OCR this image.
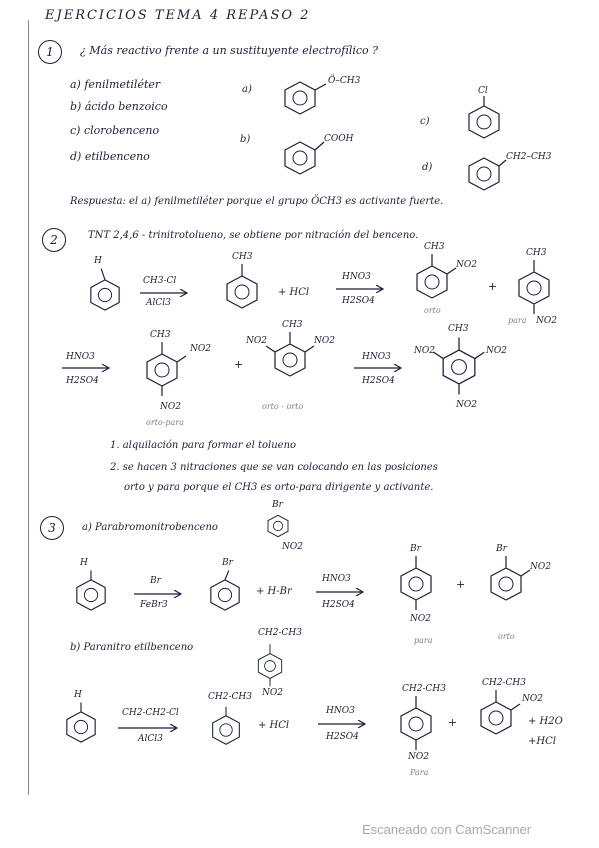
EJERCICIOS TEMA 4 REPASO 2
1	¿ Más reactivo frente a un sustituyente electrofílico ?
a) fenilmetiléter
b) ácido benzoico
c) clorobenceno
d) etilbenceno
a)
Ö–CH3
b)	COOH
c)
Cl
d)
CH2–CH3
Respuesta: el a) fenilmetiléter porque el grupo ÖCH3 es activante fuerte.
2	TNT 2,4,6 - trinitrotolueno, se obtiene por nitración del benceno.
H
CH3-Cl
AlCl3
CH3
+ HCl
HNO3
H2SO4
CH3
NO2
orto
+
CH3
NO2
para
HNO3
H2SO4
CH3
NO2
NO2
orto-para
+
CH3
NO2	NO2
orto - orto
HNO3
H2SO4
CH3
NO2	NO2
NO2
1. alquilación para formar el tolueno
2. se hacen 3 nitraciones que se van colocando en las posiciones
orto y para porque el CH3 es orto-para dirigente y activante.
3	a) Parabromonitrobenceno
Br
NO2
H
Br
FeBr3
Br
+ H-Br
HNO3
H2SO4
Br
NO2
para
+
Br
NO2
orto
b) Paranitro etilbenceno
CH2-CH3
NO2
H
CH2-CH2-Cl
AlCl3
CH2-CH3
+ HCl
HNO3
H2SO4
CH2-CH3
NO2
Para
+
CH2-CH3
NO2
+ H2O
+HCl
Escaneado con CamScanner
